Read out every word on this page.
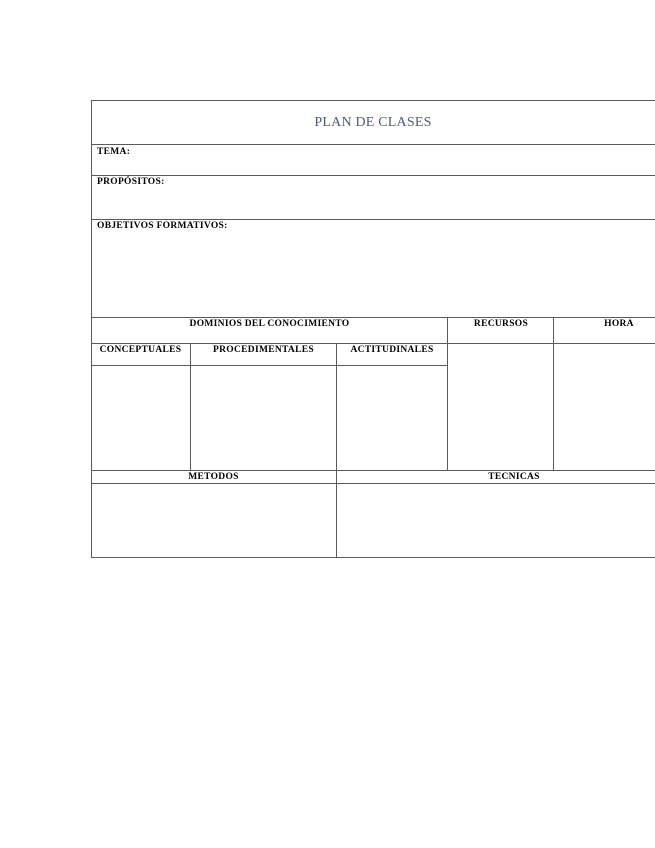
PLAN DE CLASES
TEMA:
PROPÓSITOS:
OBJETIVOS FORMATIVOS:
DOMINIOS DEL CONOCIMIENTO	RECURSOS	HORA
CONCEPTUALES	PROCEDIMENTALES	ACTITUDINALES
METODOS	TECNICAS
